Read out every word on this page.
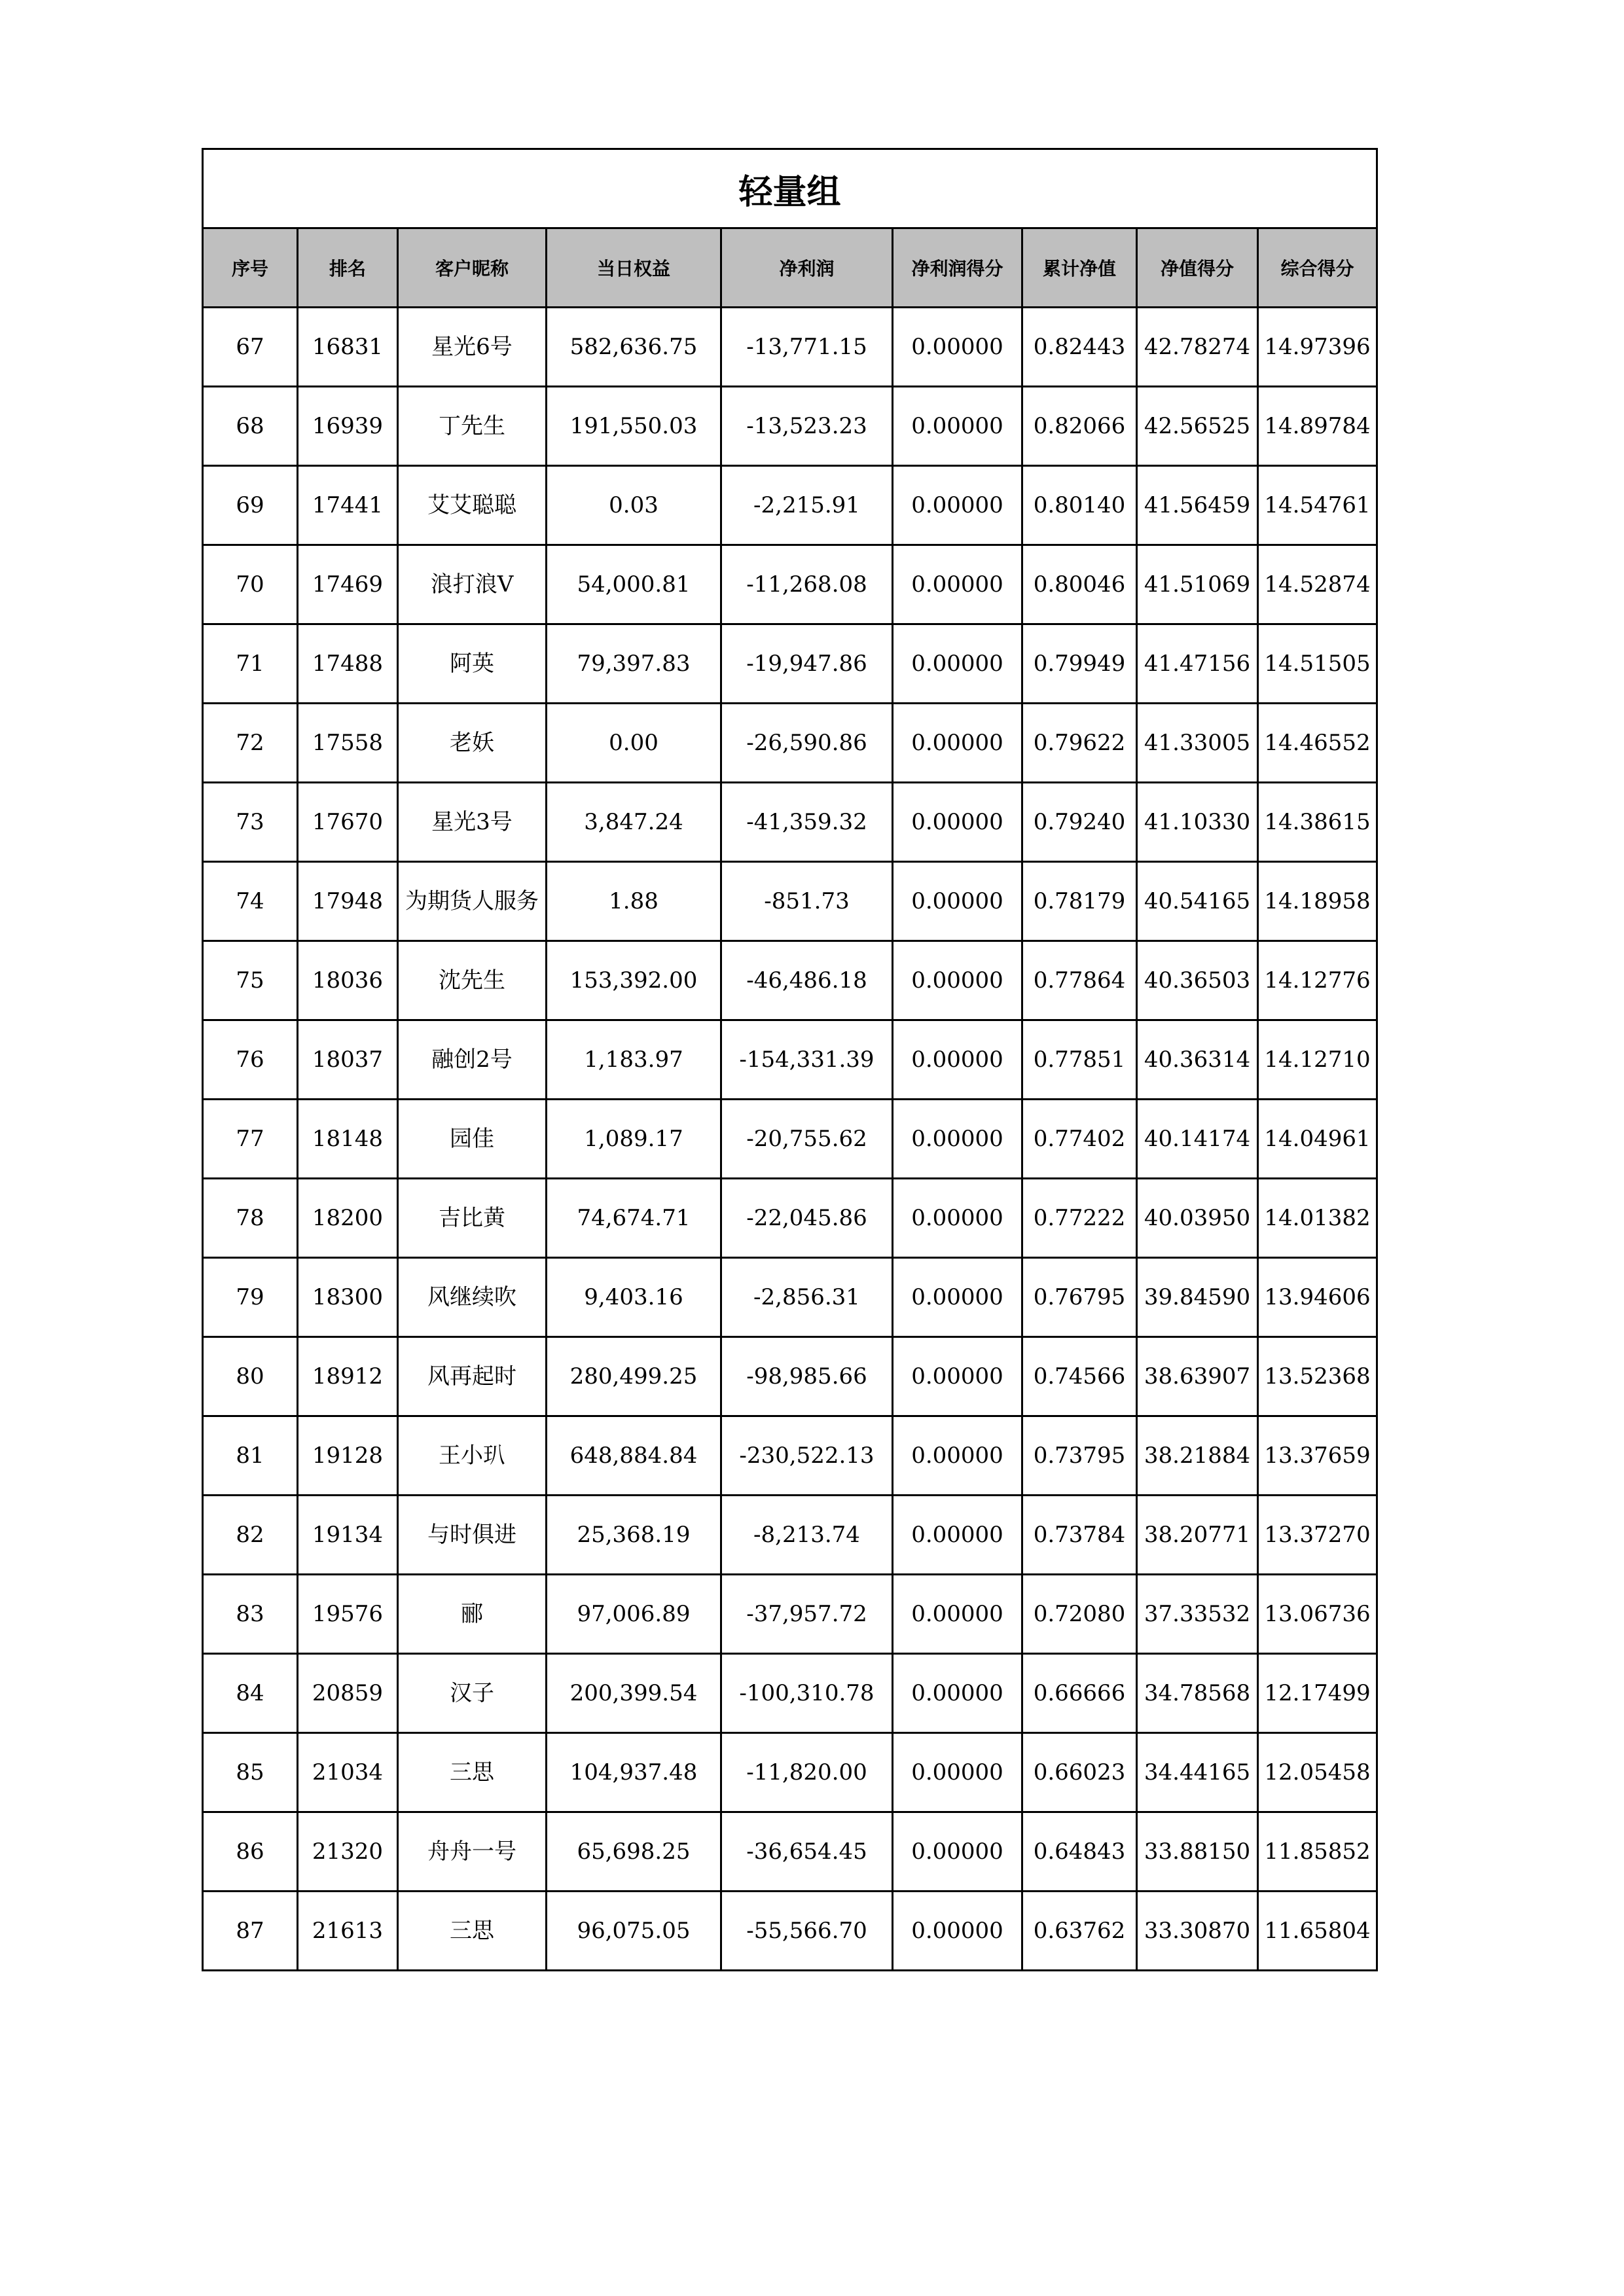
轻量组								
序号	排名	客户昵称	当日权益	净利润	净利润得分	累计净值	净值得分	综合得分
67	16831	星光6号	582,636.75	-13,771.15	0.00000	0.82443	42.78274	14.97396
68	16939	丁先生	191,550.03	-13,523.23	0.00000	0.82066	42.56525	14.89784
69	17441	艾艾聪聪	0.03	-2,215.91	0.00000	0.80140	41.56459	14.54761
70	17469	浪打浪V	54,000.81	-11,268.08	0.00000	0.80046	41.51069	14.52874
71	17488	阿英	79,397.83	-19,947.86	0.00000	0.79949	41.47156	14.51505
72	17558	老妖	0.00	-26,590.86	0.00000	0.79622	41.33005	14.46552
73	17670	星光3号	3,847.24	-41,359.32	0.00000	0.79240	41.10330	14.38615
74	17948	为期货人服务	1.88	-851.73	0.00000	0.78179	40.54165	14.18958
75	18036	沈先生	153,392.00	-46,486.18	0.00000	0.77864	40.36503	14.12776
76	18037	融创2号	1,183.97	-154,331.39	0.00000	0.77851	40.36314	14.12710
77	18148	园佳	1,089.17	-20,755.62	0.00000	0.77402	40.14174	14.04961
78	18200	吉比黄	74,674.71	-22,045.86	0.00000	0.77222	40.03950	14.01382
79	18300	风继续吹	9,403.16	-2,856.31	0.00000	0.76795	39.84590	13.94606
80	18912	风再起时	280,499.25	-98,985.66	0.00000	0.74566	38.63907	13.52368
81	19128	王小玐	648,884.84	-230,522.13	0.00000	0.73795	38.21884	13.37659
82	19134	与时俱进	25,368.19	-8,213.74	0.00000	0.73784	38.20771	13.37270
83	19576	郦	97,006.89	-37,957.72	0.00000	0.72080	37.33532	13.06736
84	20859	汉子	200,399.54	-100,310.78	0.00000	0.66666	34.78568	12.17499
85	21034	三思	104,937.48	-11,820.00	0.00000	0.66023	34.44165	12.05458
86	21320	舟舟一号	65,698.25	-36,654.45	0.00000	0.64843	33.88150	11.85852
87	21613	三思	96,075.05	-55,566.70	0.00000	0.63762	33.30870	11.65804
